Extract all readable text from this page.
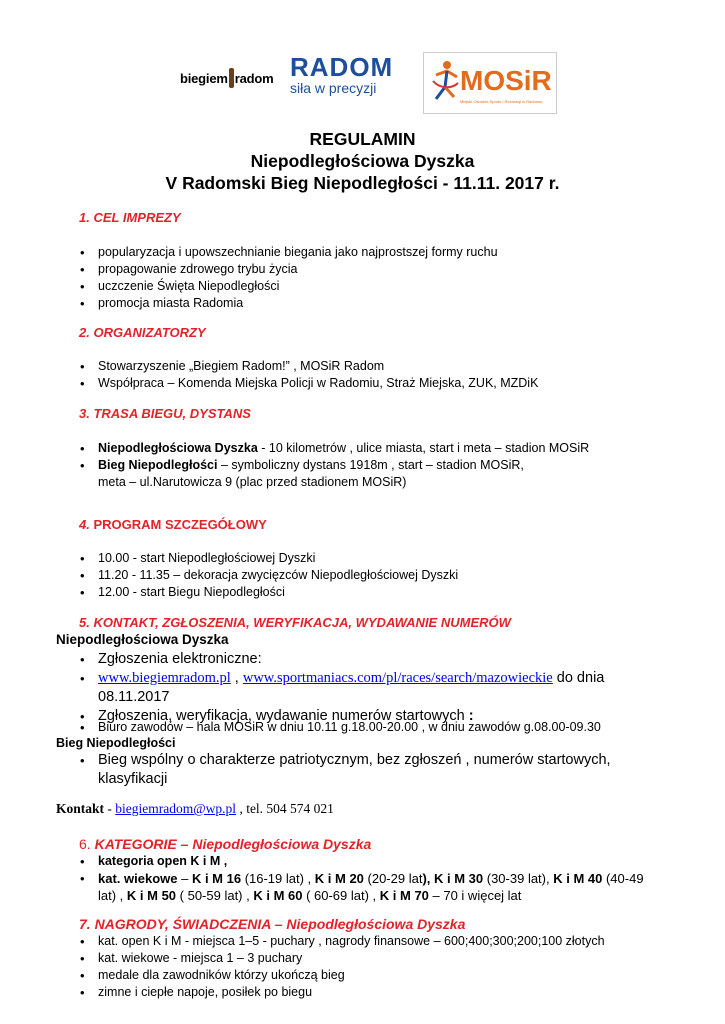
biegiem radom RADOM
siła w precyzji	MOSiR
Miejski Ośrodek Sportu i Rekreacji w Radomiu
REGULAMIN
Niepodległościowa Dyszka
V Radomski Bieg Niepodległości - 11.11. 2017 r.
1. CEL IMPREZY
• popularyzacja i upowszechnianie biegania jako najprostszej formy ruchu
• propagowanie zdrowego trybu życia
• uczczenie Święta Niepodległości
• promocja miasta Radomia
2. ORGANIZATORZY
• Stowarzyszenie „Biegiem Radom!” , MOSiR Radom
• Współpraca – Komenda Miejska Policji w Radomiu, Straż Miejska, ZUK, MZDiK
3. TRASA BIEGU, DYSTANS
• Niepodległościowa Dyszka - 10 kilometrów , ulice miasta, start i meta – stadion MOSiR
• Bieg Niepodległości – symboliczny dystans 1918m , start – stadion MOSiR,
meta – ul.Narutowicza 9 (plac przed stadionem MOSiR)
4. PROGRAM SZCZEGÓŁOWY
• 10.00 - start Niepodległościowej Dyszki
• 11.20 - 11.35 – dekoracja zwycięzców Niepodległościowej Dyszki
• 12.00 - start Biegu Niepodległości
5. KONTAKT, ZGŁOSZENIA, WERYFIKACJA, WYDAWANIE NUMERÓW
Niepodległościowa Dyszka
• Zgłoszenia elektroniczne:
• www.biegiemradom.pl , www.sportmaniacs.com/pl/races/search/mazowieckie do dnia
08.11.2017
• Zgłoszenia, weryfikacja, wydawanie numerów startowych :
• Biuro zawodów – hala MOSiR w dniu 10.11 g.18.00-20.00 , w dniu zawodów g.08.00-09.30
Bieg Niepodległości
• Bieg wspólny o charakterze patriotycznym, bez zgłoszeń , numerów startowych,
klasyfikacji
Kontakt - biegiemradom@wp.pl , tel. 504 574 021
6. KATEGORIE – Niepodległościowa Dyszka
• kategoria open K i M ,
• kat. wiekowe – K i M 16 (16-19 lat) , K i M 20 (20-29 lat), K i M 30 (30-39 lat), K i M 40 (40-49
lat) , K i M 50 ( 50-59 lat) , K i M 60 ( 60-69 lat) , K i M 70 – 70 i więcej lat
7. NAGRODY, ŚWIADCZENIA – Niepodległościowa Dyszka
• kat. open K i M - miejsca 1–5 - puchary , nagrody finansowe – 600;400;300;200;100 złotych
• kat. wiekowe - miejsca 1 – 3 puchary
• medale dla zawodników którzy ukończą bieg
• zimne i ciepłe napoje, posiłek po biegu
